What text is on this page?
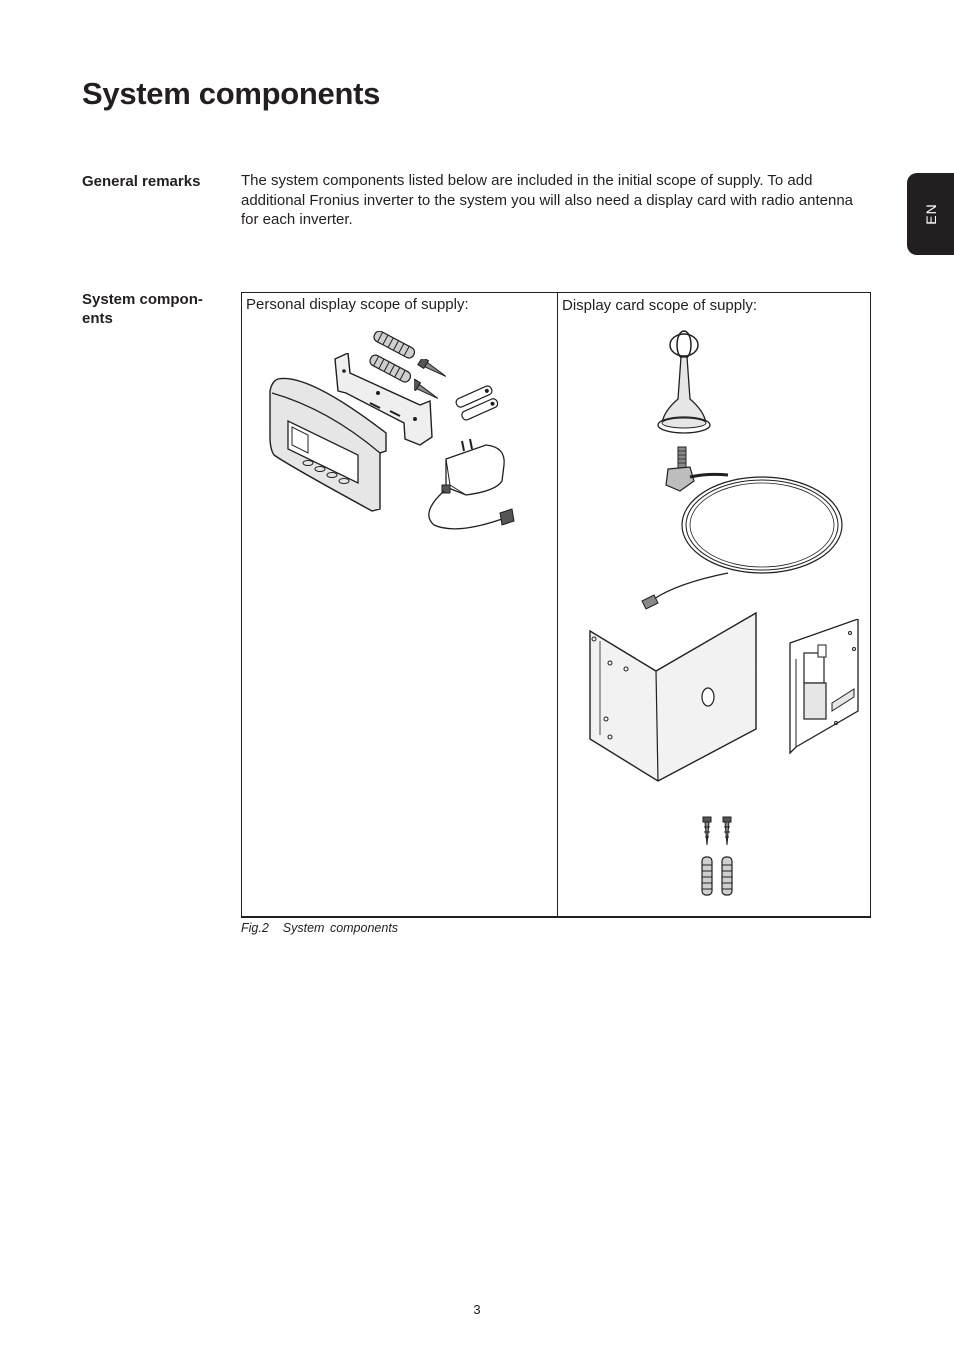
System components
EN
General remarks	The system components listed below are included in the initial scope of supply. To add additional Fronius inverter to the system you will also need a display card with radio antenna for each inverter.

System compon-
ents

Personal display scope of supply:	Display card scope of supply:

Fig.2 System components

3
